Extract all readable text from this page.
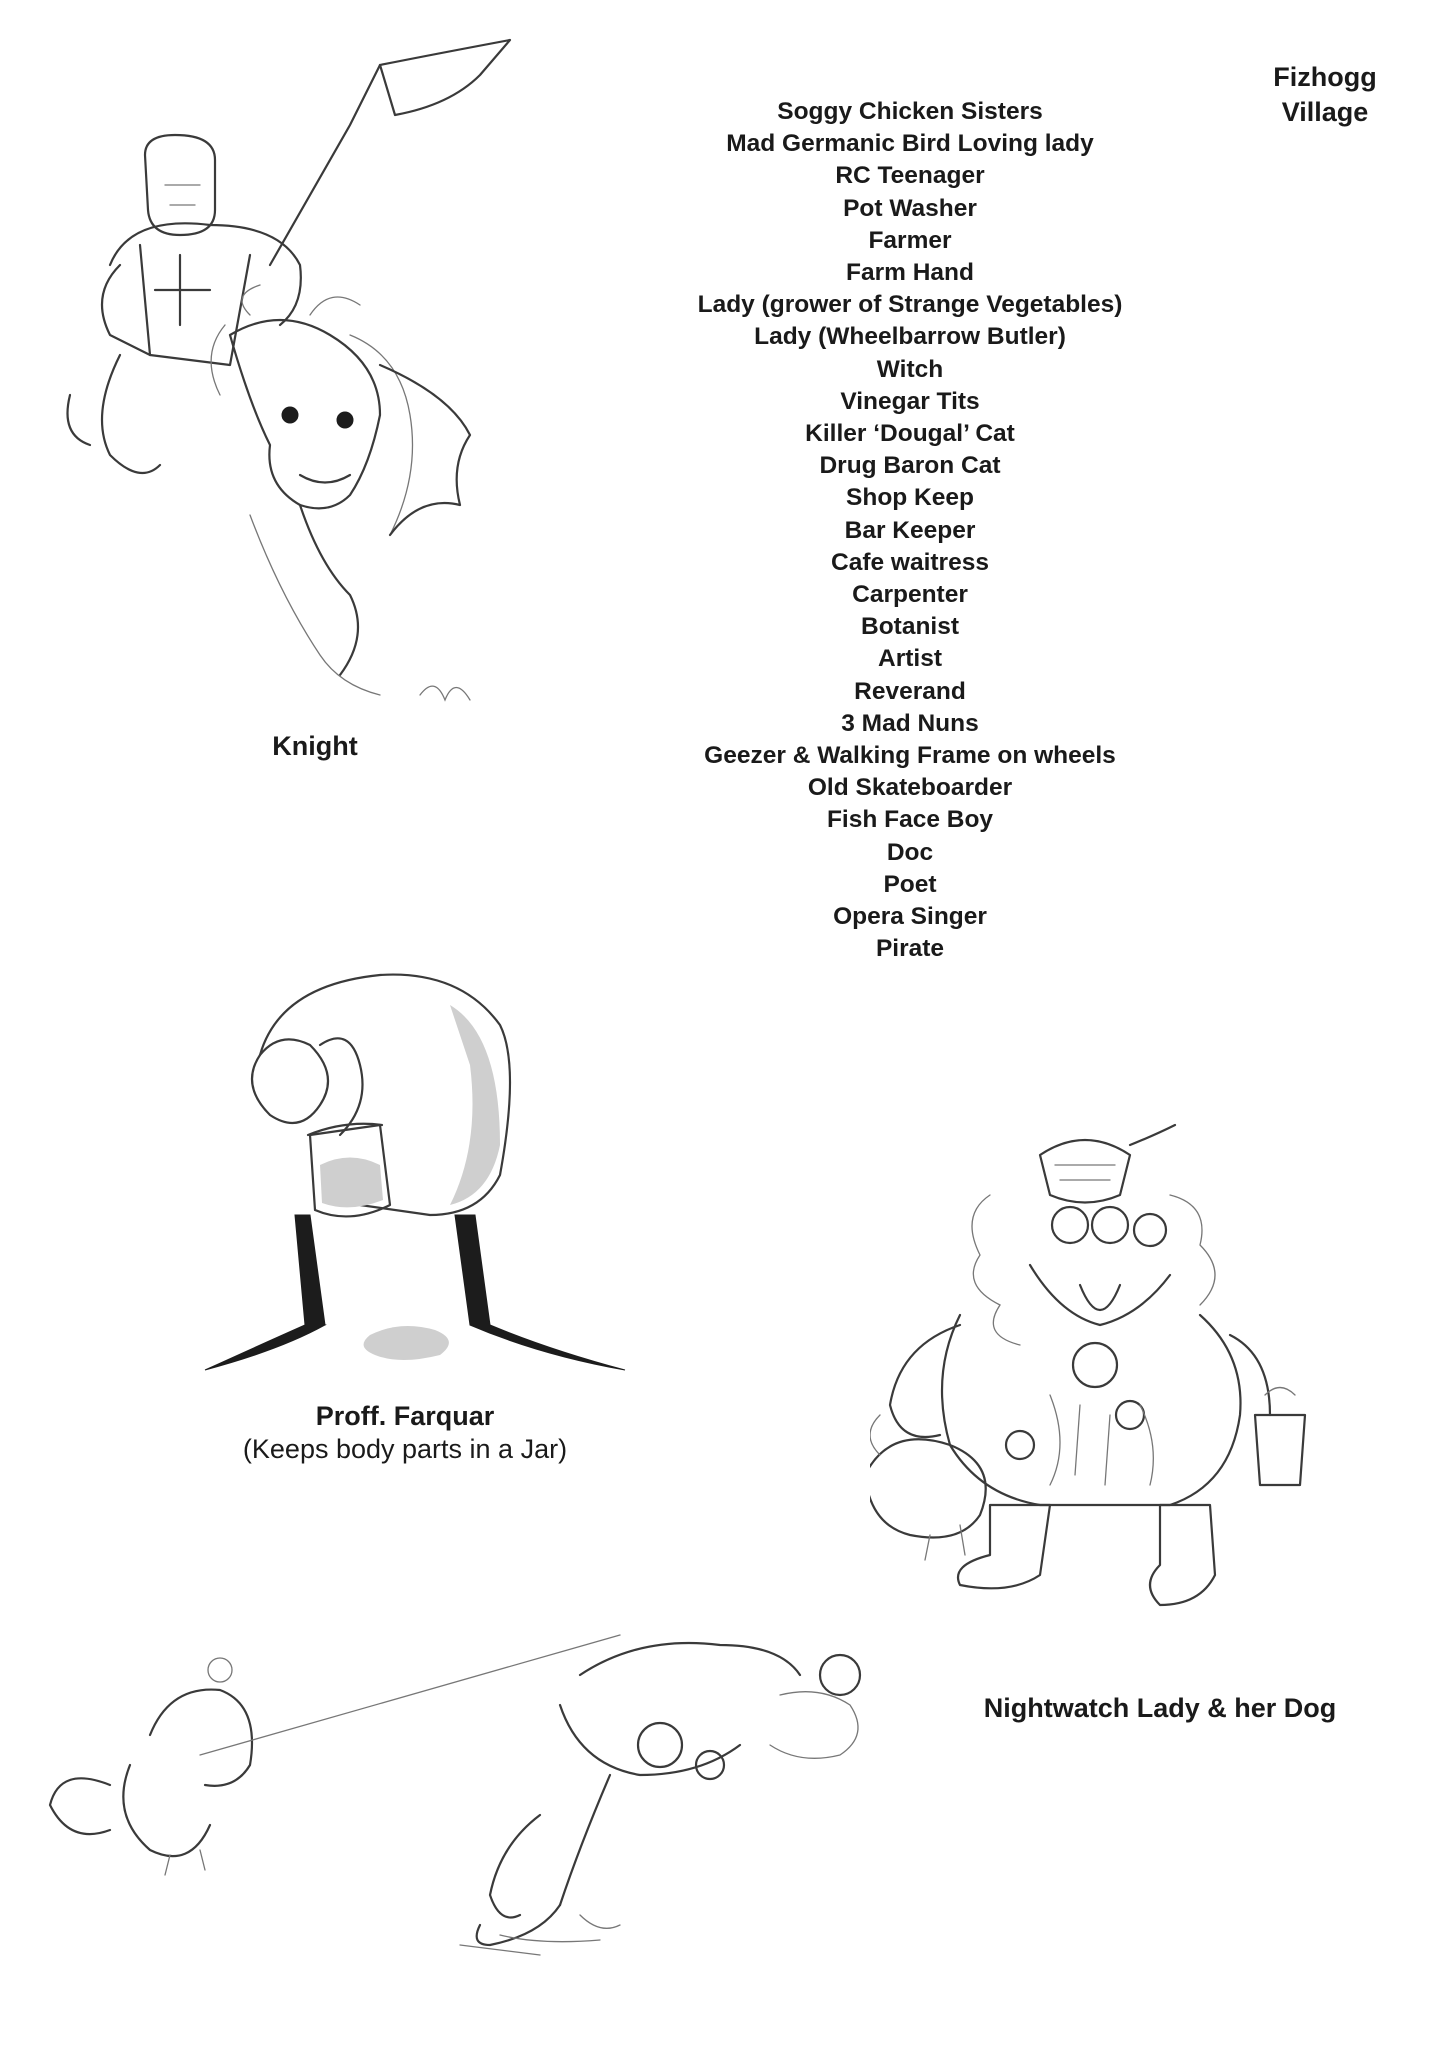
Fizhogg
Village
Soggy Chicken Sisters
Mad Germanic Bird Loving lady
RC Teenager
Pot Washer
Farmer
Farm Hand
Lady (grower of Strange Vegetables)
Lady (Wheelbarrow Butler)
Witch
Vinegar Tits
Killer ‘Dougal’ Cat
Drug Baron Cat
Shop Keep
Bar Keeper
Cafe waitress
Carpenter
Botanist
Artist
Reverand
3 Mad Nuns
Geezer & Walking Frame on wheels
Old Skateboarder
Fish Face Boy
Doc
Poet
Opera Singer
Pirate
Knight
Proff. Farquar
(Keeps body parts in a Jar)
Nightwatch Lady & her Dog
